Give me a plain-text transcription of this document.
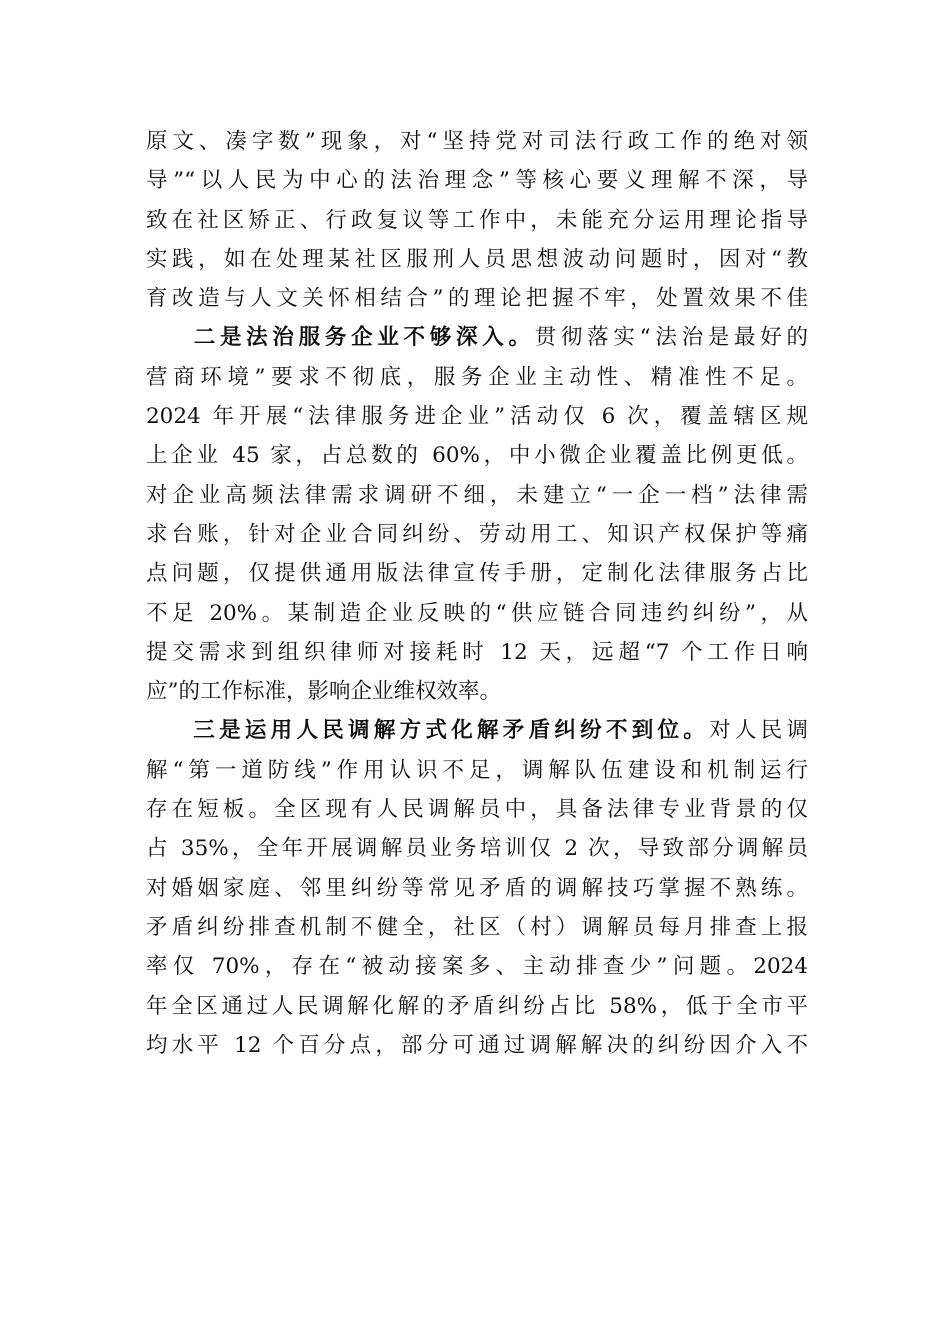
原文、凑字数”现象，对“坚持党对司法行政工作的绝对领
导”“以人民为中心的法治理念”等核心要义理解不深，导
致在社区矫正、行政复议等工作中，未能充分运用理论指导
实践，如在处理某社区服刑人员思想波动问题时，因对“教
育改造与人文关怀相结合”的理论把握不牢，处置效果不佳
二是法治服务企业不够深入。贯彻落实“法治是最好的
营商环境”要求不彻底，服务企业主动性、精准性不足。
2024 年开展“法律服务进企业”活动仅 6 次，覆盖辖区规
上企业 45 家，占总数的 60%，中小微企业覆盖比例更低。
对企业高频法律需求调研不细，未建立“一企一档”法律需
求台账，针对企业合同纠纷、劳动用工、知识产权保护等痛
点问题，仅提供通用版法律宣传手册，定制化法律服务占比
不足 20%。某制造企业反映的“供应链合同违约纠纷”，从
提交需求到组织律师对接耗时 12 天，远超“7 个工作日响
应”的工作标准，影响企业维权效率。
三是运用人民调解方式化解矛盾纠纷不到位。对人民调
解“第一道防线”作用认识不足，调解队伍建设和机制运行
存在短板。全区现有人民调解员中，具备法律专业背景的仅
占 35%，全年开展调解员业务培训仅 2 次，导致部分调解员
对婚姻家庭、邻里纠纷等常见矛盾的调解技巧掌握不熟练。
矛盾纠纷排查机制不健全，社区（村）调解员每月排查上报
率仅 70%，存在“被动接案多、主动排查少”问题。2024
年全区通过人民调解化解的矛盾纠纷占比 58%，低于全市平
均水平 12 个百分点，部分可通过调解解决的纠纷因介入不
